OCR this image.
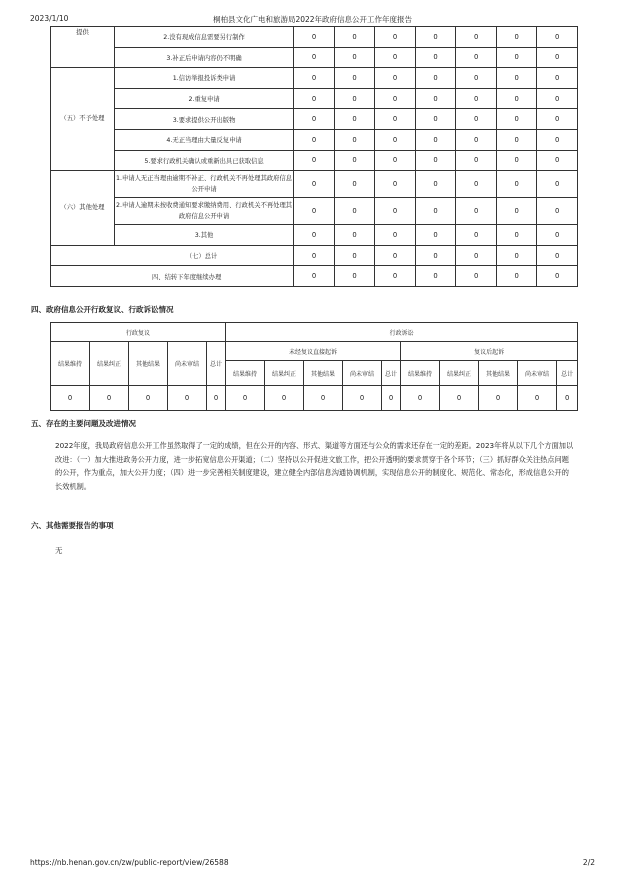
2023/1/10	桐柏县文化广电和旅游局2022年政府信息公开工作年度报告
提供	2.没有现成信息需要另行制作	0	0	0	0	0	0	0
	3.补正后申请内容仍不明确	0	0	0	0	0	0	0
（五）不予处理	1.信访举报投诉类申请	0	0	0	0	0	0	0
	2.重复申请	0	0	0	0	0	0	0
	3.要求提供公开出版物	0	0	0	0	0	0	0
	4.无正当理由大量反复申请	0	0	0	0	0	0	0
	5.要求行政机关确认或重新出具已获取信息	0	0	0	0	0	0	0
（六）其他处理	1.申请人无正当理由逾期不补正、行政机关不再处理其政府信息公开申请	0	0	0	0	0	0	0
	2.申请人逾期未按收费通知要求缴纳费用、行政机关不再处理其政府信息公开申请	0	0	0	0	0	0	0
	3.其他	0	0	0	0	0	0	0
（七）总计		0	0	0	0	0	0	0
四、结转下年度继续办理		0	0	0	0	0	0	0
四、政府信息公开行政复议、行政诉讼情况
行政复议					行政诉讼									
结果维持	结果纠正	其他结果	尚未审结	总计	未经复议直接起诉					复议后起诉				
					结果维持	结果纠正	其他结果	尚未审结	总计	结果维持	结果纠正	其他结果	尚未审结	总计
0	0	0	0	0	0	0	0	0	0	0	0	0	0	0
五、存在的主要问题及改进情况
2022年度，我局政府信息公开工作虽然取得了一定的成绩，但在公开的内容、形式、渠道等方面还与公众的需求还存在一定的差距。2023年将从以下几个方面加以改进：（一）加大推进政务公开力度，进一步拓宽信息公开渠道；（二）坚持以公开促进文旅工作，把公开透明的要求贯穿于各个环节；（三）抓好群众关注热点问题的公开，作为重点，加大公开力度；（四）进一步完善相关制度建设，建立健全内部信息沟通协调机制，实现信息公开的制度化、规范化、常态化，形成信息公开的长效机制。
六、其他需要报告的事项
无
https://nb.henan.gov.cn/zw/public-report/view/26588	2/2
